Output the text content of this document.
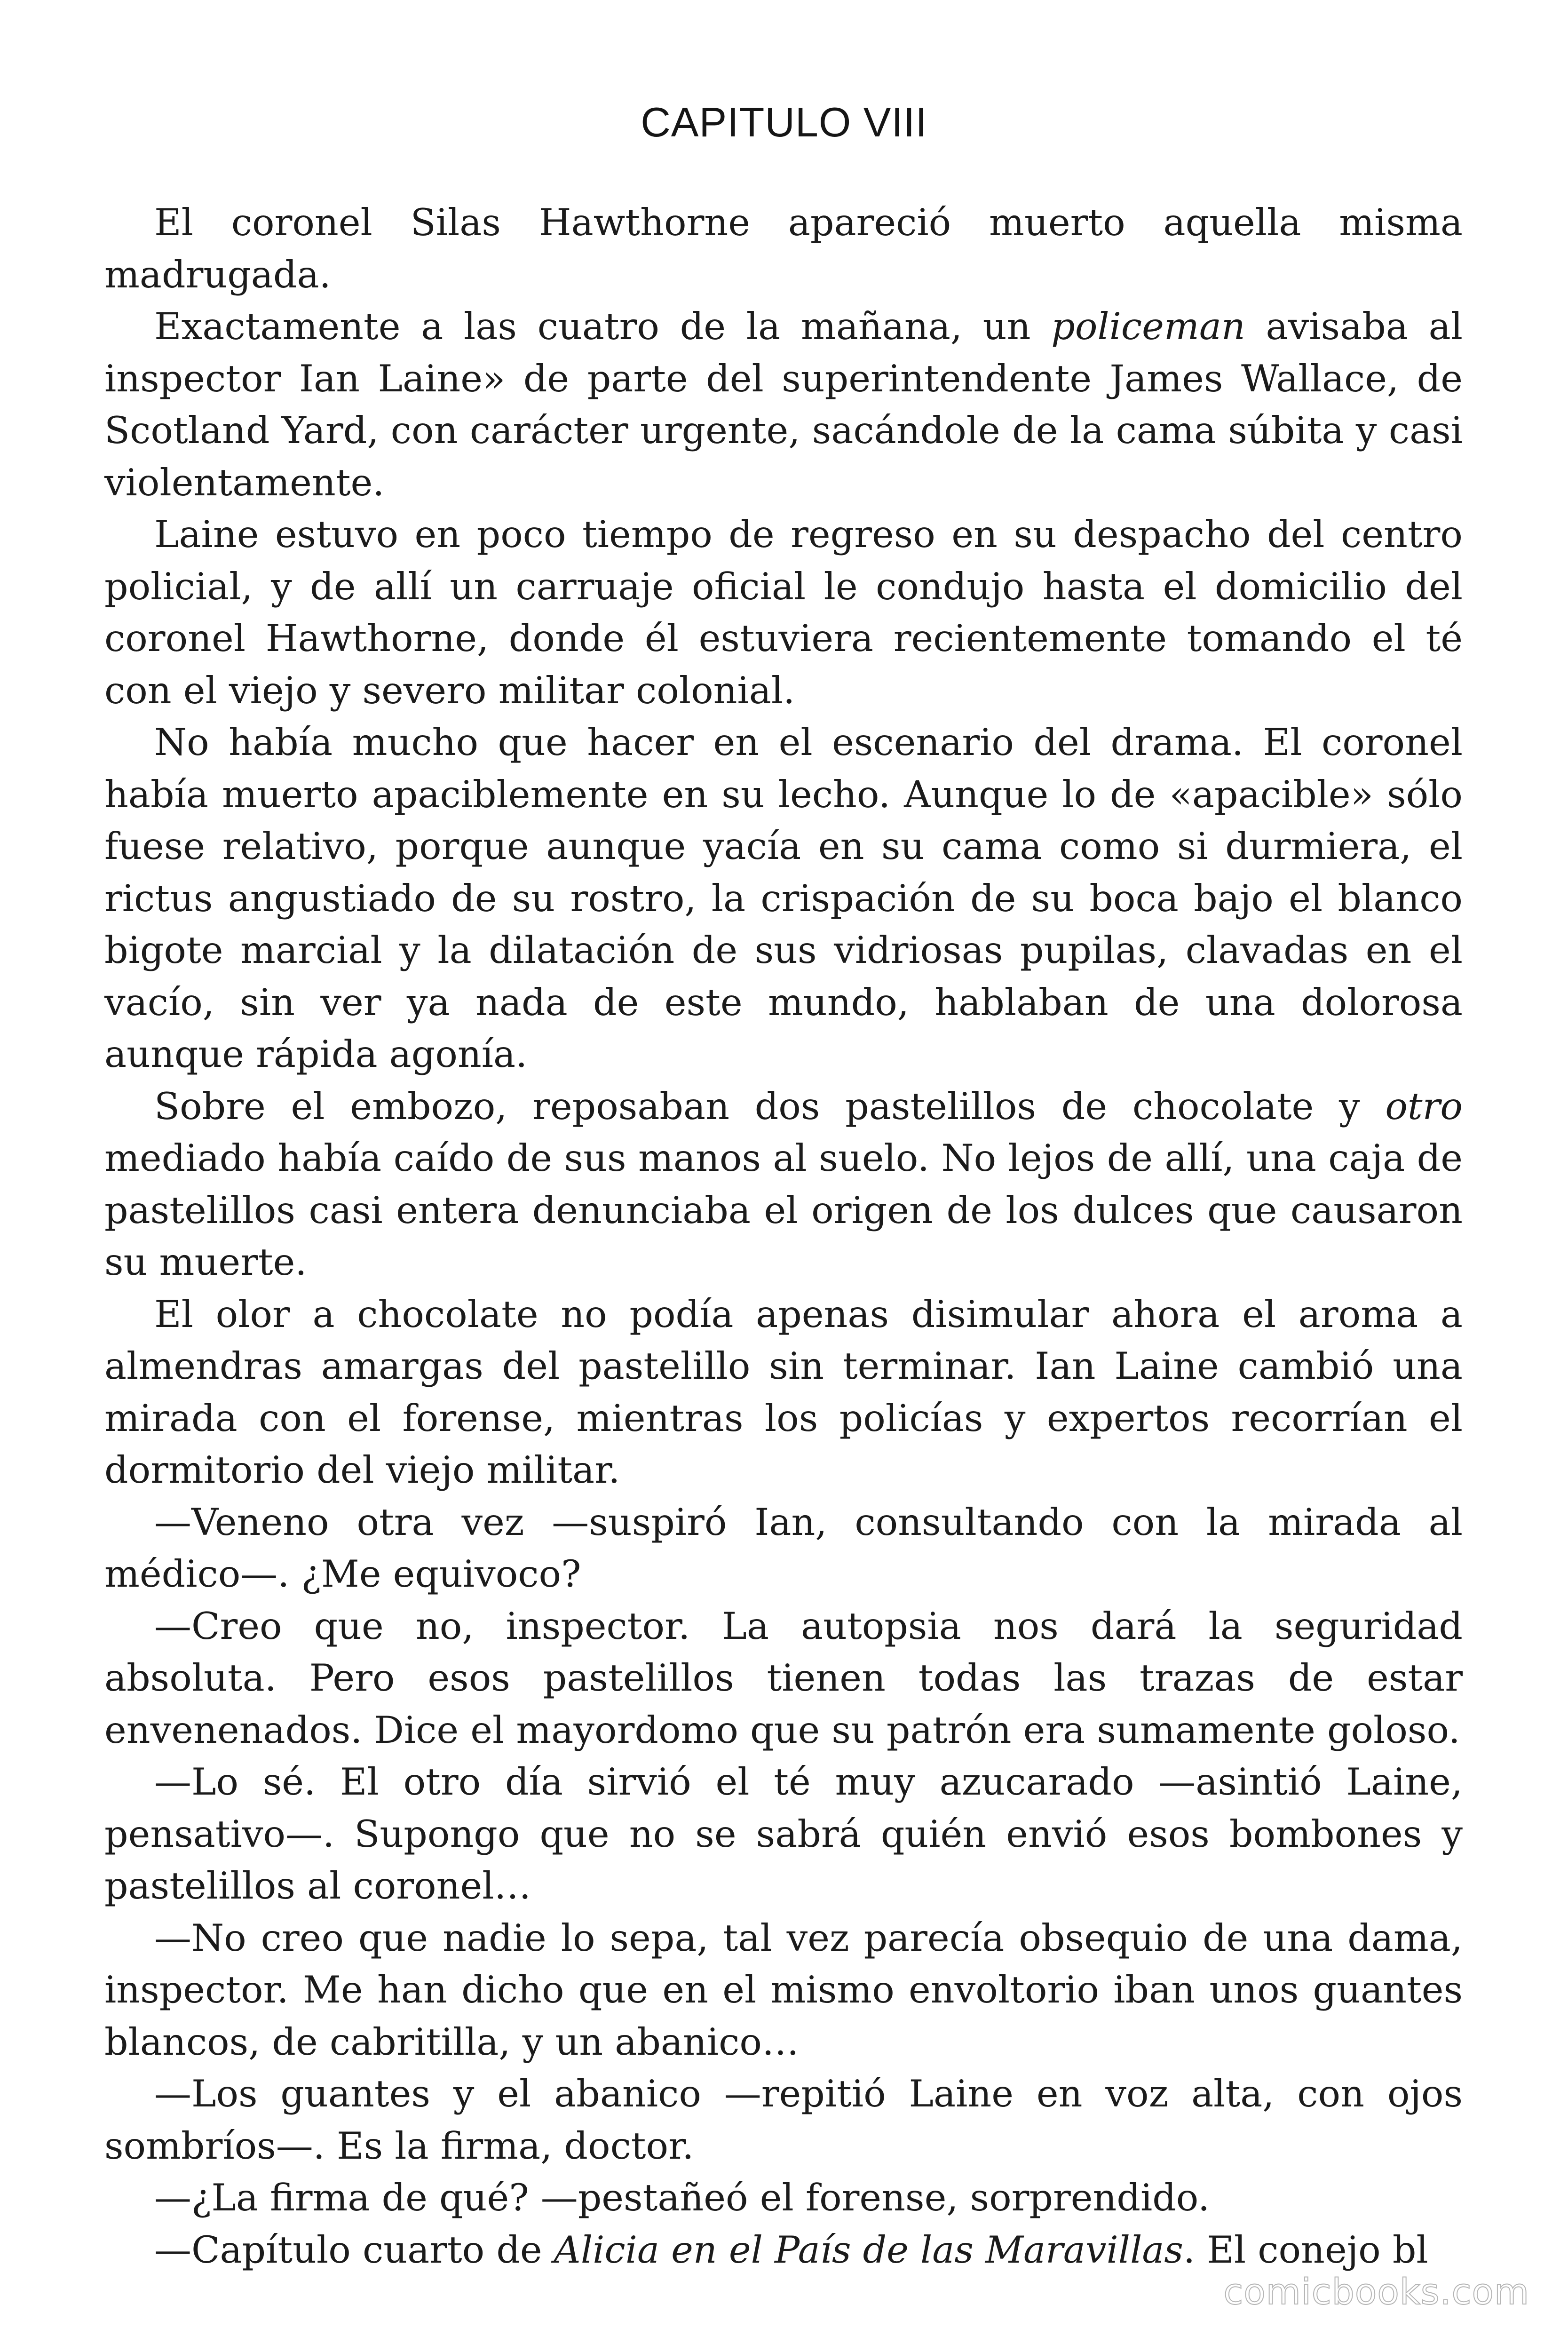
CAPITULO VIII

El coronel Silas Hawthorne apareció muerto aquella misma madrugada.

Exactamente a las cuatro de la mañana, un policeman avisaba al inspector Ian Laine» de parte del superintendente James Wallace, de Scotland Yard, con carácter urgente, sacándole de la cama súbita y casi violentamente.

Laine estuvo en poco tiempo de regreso en su despacho del centro policial, y de allí un carruaje oficial le condujo hasta el domicilio del coronel Hawthorne, donde él estuviera recientemente tomando el té con el viejo y severo militar colonial.

No había mucho que hacer en el escenario del drama. El coronel había muerto apaciblemente en su lecho. Aunque lo de «apacible» sólo fuese relativo, porque aunque yacía en su cama como si durmiera, el rictus angustiado de su rostro, la crispación de su boca bajo el blanco bigote marcial y la dilatación de sus vidriosas pupilas, clavadas en el vacío, sin ver ya nada de este mundo, hablaban de una dolorosa aunque rápida agonía.

Sobre el embozo, reposaban dos pastelillos de chocolate y otro mediado había caído de sus manos al suelo. No lejos de allí, una caja de pastelillos casi entera denunciaba el origen de los dulces que causaron su muerte.

El olor a chocolate no podía apenas disimular ahora el aroma a almendras amargas del pastelillo sin terminar. Ian Laine cambió una mirada con el forense, mientras los policías y expertos recorrían el dormitorio del viejo militar.

—Veneno otra vez —suspiró Ian, consultando con la mirada al médico—. ¿Me equivoco?

—Creo que no, inspector. La autopsia nos dará la seguridad absoluta. Pero esos pastelillos tienen todas las trazas de estar envenenados. Dice el mayordomo que su patrón era sumamente goloso.

—Lo sé. El otro día sirvió el té muy azucarado —asintió Laine, pensativo—. Supongo que no se sabrá quién envió esos bombones y pastelillos al coronel…

—No creo que nadie lo sepa, tal vez parecía obsequio de una dama, inspector. Me han dicho que en el mismo envoltorio iban unos guantes blancos, de cabritilla, y un abanico…

—Los guantes y el abanico —repitió Laine en voz alta, con ojos sombríos—. Es la firma, doctor.

—¿La firma de qué? —pestañeó el forense, sorprendido.

—Capítulo cuarto de Alicia en el País de las Maravillas. El conejo bl

comicbooks.com
